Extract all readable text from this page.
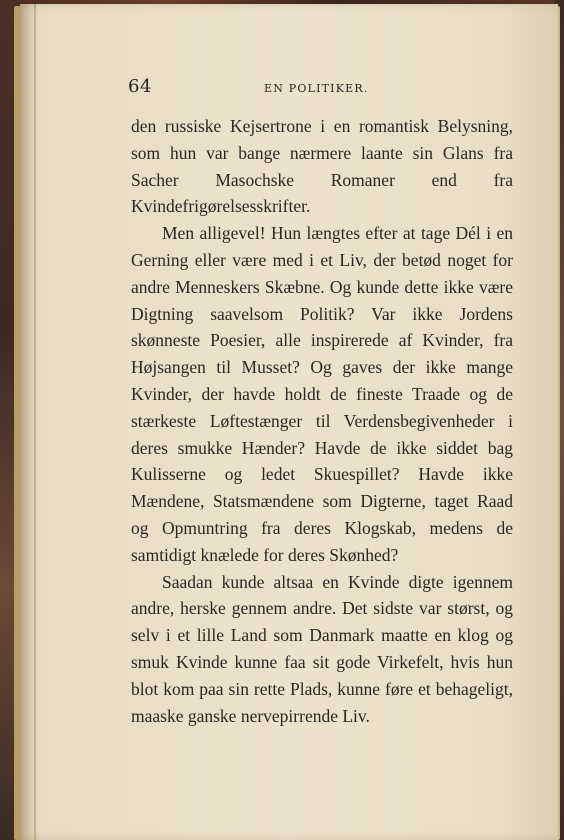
64	EN POLITIKER.

den russiske Kejsertrone i en romantisk Belysning, som hun var bange nærmere laante sin Glans fra Sacher Masochske Romaner end fra Kvindefrigørelsesskrifter.

Men alligevel! Hun længtes efter at tage Dél i en Gerning eller være med i et Liv, der betød noget for andre Menneskers Skæbne. Og kunde dette ikke være Digtning saavelsom Politik? Var ikke Jordens skønneste Poesier, alle inspirerede af Kvinder, fra Højsangen til Musset? Og gaves der ikke mange Kvinder, der havde holdt de fineste Traade og de stærkeste Løftestænger til Verdensbegivenheder i deres smukke Hænder? Havde de ikke siddet bag Kulisserne og ledet Skuespillet? Havde ikke Mændene, Statsmændene som Digterne, taget Raad og Opmuntring fra deres Klogskab, medens de samtidigt knælede for deres Skønhed?

Saadan kunde altsaa en Kvinde digte igennem andre, herske gennem andre. Det sidste var størst, og selv i et lille Land som Danmark maatte en klog og smuk Kvinde kunne faa sit gode Virkefelt, hvis hun blot kom paa sin rette Plads, kunne føre et behageligt, maaske ganske nervepirrende Liv.
